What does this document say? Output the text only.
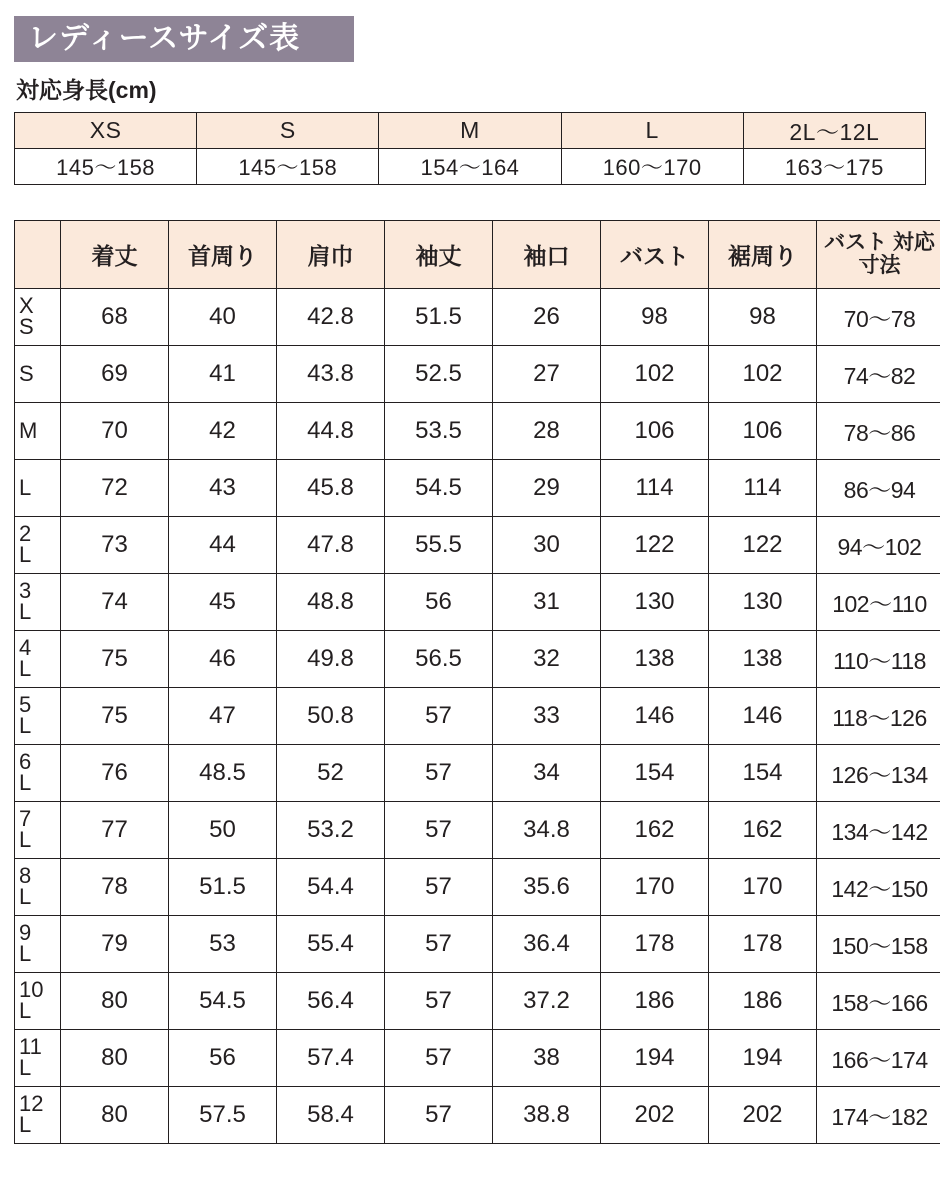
レディースサイズ表
対応身長(cm)
XS	S	M	L	2L〜12L
145〜158	145〜158	154〜164	160〜170	163〜175
	着丈	首周り	肩巾	袖丈	袖口	バスト	裾周り	バスト 対応寸法

X
S	68	40	42.8	51.5	26	98	98	70〜78

S	69	41	43.8	52.5	27	102	102	74〜82

M	70	42	44.8	53.5	28	106	106	78〜86

L	72	43	45.8	54.5	29	114	114	86〜94

2
L	73	44	47.8	55.5	30	122	122	94〜102

3
L	74	45	48.8	56	31	130	130	102〜110

4
L	75	46	49.8	56.5	32	138	138	110〜118

5
L	75	47	50.8	57	33	146	146	118〜126

6
L	76	48.5	52	57	34	154	154	126〜134

7
L	77	50	53.2	57	34.8	162	162	134〜142

8
L	78	51.5	54.4	57	35.6	170	170	142〜150

9
L	79	53	55.4	57	36.4	178	178	150〜158

10
L	80	54.5	56.4	57	37.2	186	186	158〜166

11
L	80	56	57.4	57	38	194	194	166〜174

12
L	80	57.5	58.4	57	38.8	202	202	174〜182
